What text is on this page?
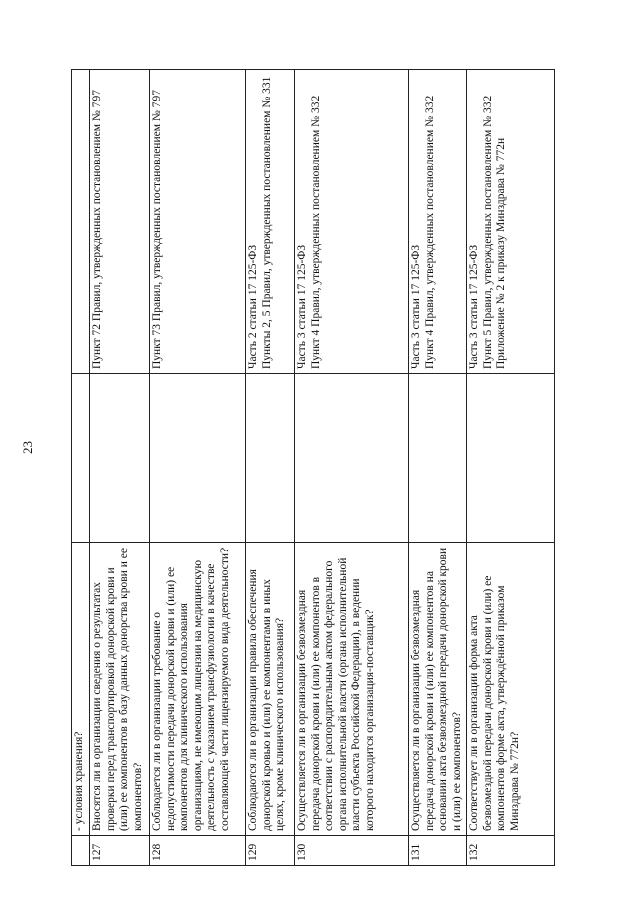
23
	- условия хранения?		
127	Вносятся ли в организации сведения о результатах проверки перед транспортировкой донорской крови и (или) ее компонентов в базу данных донорства крови и ее компонентов?		Пункт 72 Правил, утвержденных постановлением № 797

128	Соблюдается ли в организации требование о недопустимости передачи донорской крови и (или) ее компонентов для клинического использования организациям, не имеющим лицензии на медицинскую деятельность с указанием трансфузиологии в качестве составляющей части лицензируемого вида деятельности?		Пункт 73 Правил, утвержденных постановлением № 797

129	Соблюдаются ли в организации правила обеспечения донорской кровью и (или) ее компонентами в иных целях, кроме клинического использования?		Часть 2 статьи 17 125-ФЗ Пункты 2, 5 Правил, утвержденных постановлением № 331

130	Осуществляется ли в организации безвозмездная передача донорской крови и (или) ее компонентов в соответствии с распорядительным актом федерального органа исполнительной власти (органа исполнительной власти субъекта Российской Федерации), в ведении которого находится организация-поставщик?		Часть 3 статьи 17 125-ФЗ Пункт 4 Правил, утвержденных постановлением № 332

131	Осуществляется ли в организации безвозмездная передача донорской крови и (или) ее компонентов на основании акта безвозмездной передачи донорской крови и (или) ее компонентов?		Часть 3 статьи 17 125-ФЗ Пункт 4 Правил, утвержденных постановлением № 332

132	Соответствует ли в организации форма акта безвозмездной передачи донорской крови и (или) ее компонентов форме акта, утверждённой приказом Минздрава № 772н?		Часть 3 статьи 17 125-ФЗ Пункт 5 Правил, утвержденных постановлением № 332 Приложение № 2 к приказу Минздрава № 772н
